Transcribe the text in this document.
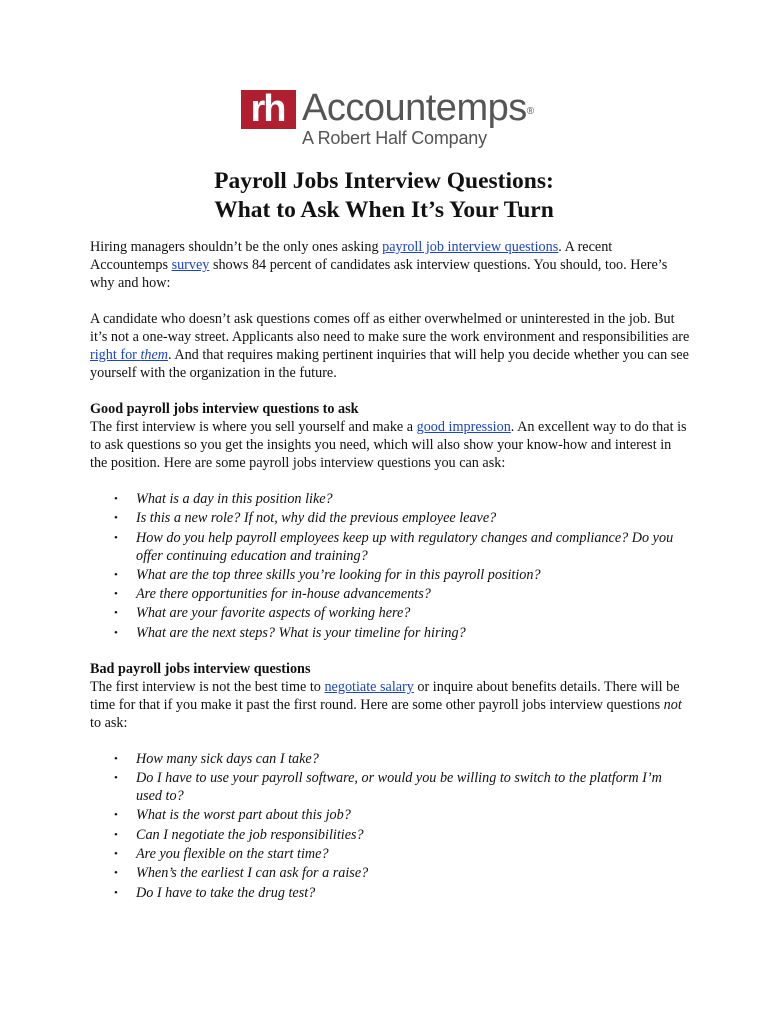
rh Accountemps®
A Robert Half Company
Payroll Jobs Interview Questions:
What to Ask When It’s Your Turn

Hiring managers shouldn’t be the only ones asking payroll job interview questions. A recent Accountemps survey shows 84 percent of candidates ask interview questions. You should, too. Here’s why and how:

A candidate who doesn’t ask questions comes off as either overwhelmed or uninterested in the job. But it’s not a one-way street. Applicants also need to make sure the work environment and responsibilities are right for them. And that requires making pertinent inquiries that will help you decide whether you can see yourself with the organization in the future.

Good payroll jobs interview questions to ask

The first interview is where you sell yourself and make a good impression. An excellent way to do that is to ask questions so you get the insights you need, which will also show your know-how and interest in the position. Here are some payroll jobs interview questions you can ask:

• What is a day in this position like?
• Is this a new role? If not, why did the previous employee leave?
• How do you help payroll employees keep up with regulatory changes and compliance? Do you offer continuing education and training?
• What are the top three skills you’re looking for in this payroll position?
• Are there opportunities for in-house advancements?
• What are your favorite aspects of working here?
• What are the next steps? What is your timeline for hiring?
Bad payroll jobs interview questions

The first interview is not the best time to negotiate salary or inquire about benefits details. There will be time for that if you make it past the first round. Here are some other payroll jobs interview questions not to ask:

• How many sick days can I take?
• Do I have to use your payroll software, or would you be willing to switch to the platform I’m used to?
• What is the worst part about this job?
• Can I negotiate the job responsibilities?
• Are you flexible on the start time?
• When’s the earliest I can ask for a raise?
• Do I have to take the drug test?
